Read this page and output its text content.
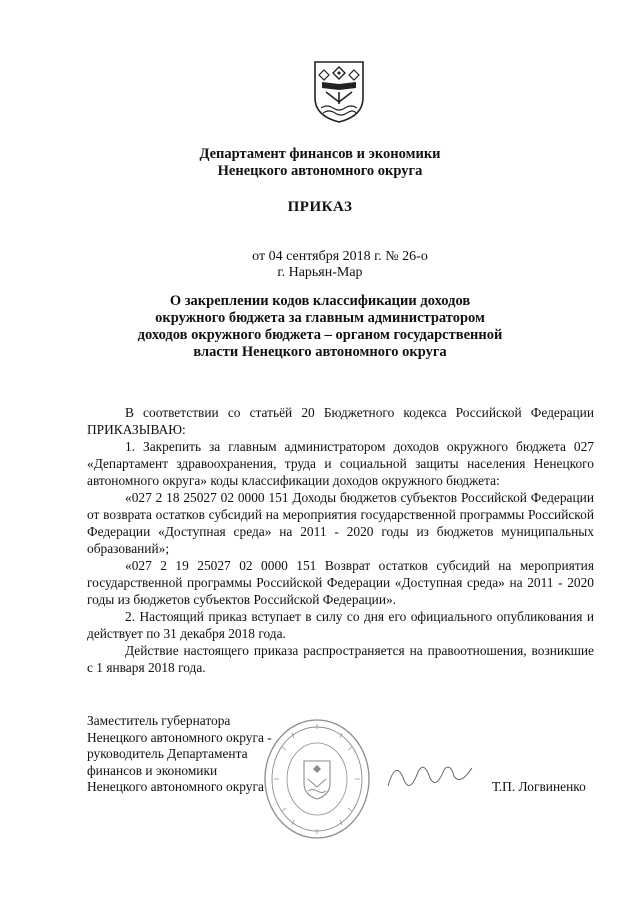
Департамент финансов и экономики
Ненецкого автономного округа
ПРИКАЗ
от 04 сентября 2018 г. № 26-о
г. Нарьян-Мар
О закреплении кодов классификации доходов
окружного бюджета за главным администратором
доходов окружного бюджета – органом государственной
власти Ненецкого автономного округа

В соответствии со статьёй 20 Бюджетного кодекса Российской Федерации ПРИКАЗЫВАЮ:

1. Закрепить за главным администратором доходов окружного бюджета 027 «Департамент здравоохранения, труда и социальной защиты населения Ненецкого автономного округа» коды классификации доходов окружного бюджета:

«027 2 18 25027 02 0000 151 Доходы бюджетов субъектов Российской Федерации от возврата остатков субсидий на мероприятия государственной программы Российской Федерации «Доступная среда» на 2011 - 2020 годы из бюджетов муниципальных образований»;

«027 2 19 25027 02 0000 151 Возврат остатков субсидий на мероприятия государственной программы Российской Федерации «Доступная среда» на 2011 - 2020 годы из бюджетов субъектов Российской Федерации».

2. Настоящий приказ вступает в силу со дня его официального опубликования и действует по 31 декабря 2018 года.

Действие настоящего приказа распространяется на правоотношения, возникшие с 1 января 2018 года.

Заместитель губернатора
Ненецкого автономного округа -
руководитель Департамента
финансов и экономики
Ненецкого автономного округа	Т.П. Логвиненко
